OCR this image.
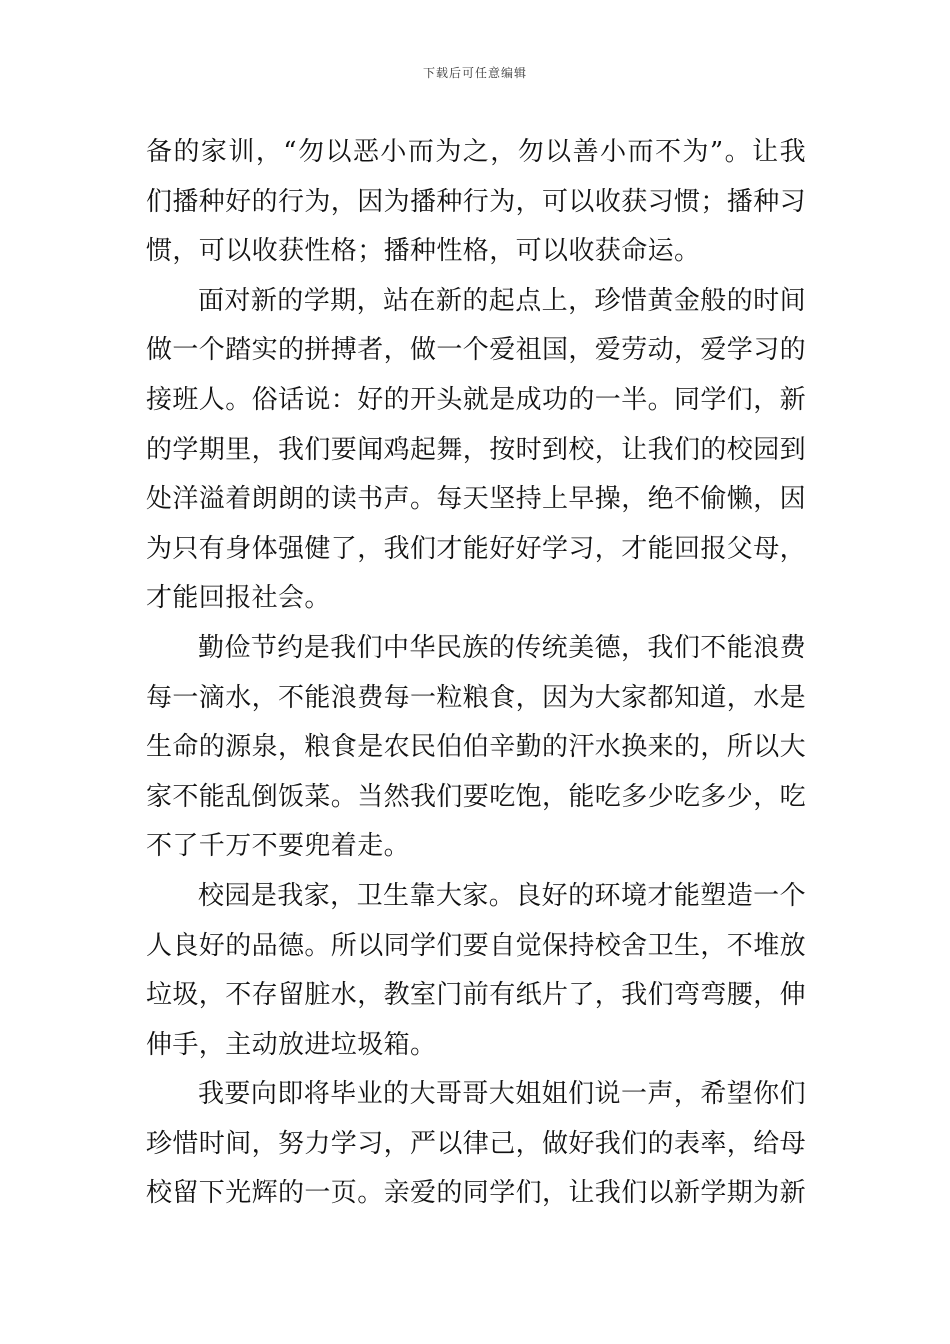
下载后可任意编辑

备的家训，“勿以恶小而为之，勿以善小而不为”。让我们播种好的行为，因为播种行为，可以收获习惯；播种习惯，可以收获性格；播种性格，可以收获命运。

面对新的学期，站在新的起点上，珍惜黄金般的时间做一个踏实的拼搏者，做一个爱祖国，爱劳动，爱学习的接班人。俗话说：好的开头就是成功的一半。同学们，新的学期里，我们要闻鸡起舞，按时到校，让我们的校园到处洋溢着朗朗的读书声。每天坚持上早操，绝不偷懒，因为只有身体强健了，我们才能好好学习，才能回报父母，才能回报社会。

勤俭节约是我们中华民族的传统美德，我们不能浪费每一滴水，不能浪费每一粒粮食，因为大家都知道，水是生命的源泉，粮食是农民伯伯辛勤的汗水换来的，所以大家不能乱倒饭菜。当然我们要吃饱，能吃多少吃多少，吃不了千万不要兜着走。

校园是我家，卫生靠大家。良好的环境才能塑造一个人良好的品德。所以同学们要自觉保持校舍卫生，不堆放垃圾，不存留脏水，教室门前有纸片了，我们弯弯腰，伸伸手，主动放进垃圾箱。

我要向即将毕业的大哥哥大姐姐们说一声，希望你们珍惜时间，努力学习，严以律己，做好我们的表率，给母校留下光辉的一页。亲爱的同学们，让我们以新学期为新
